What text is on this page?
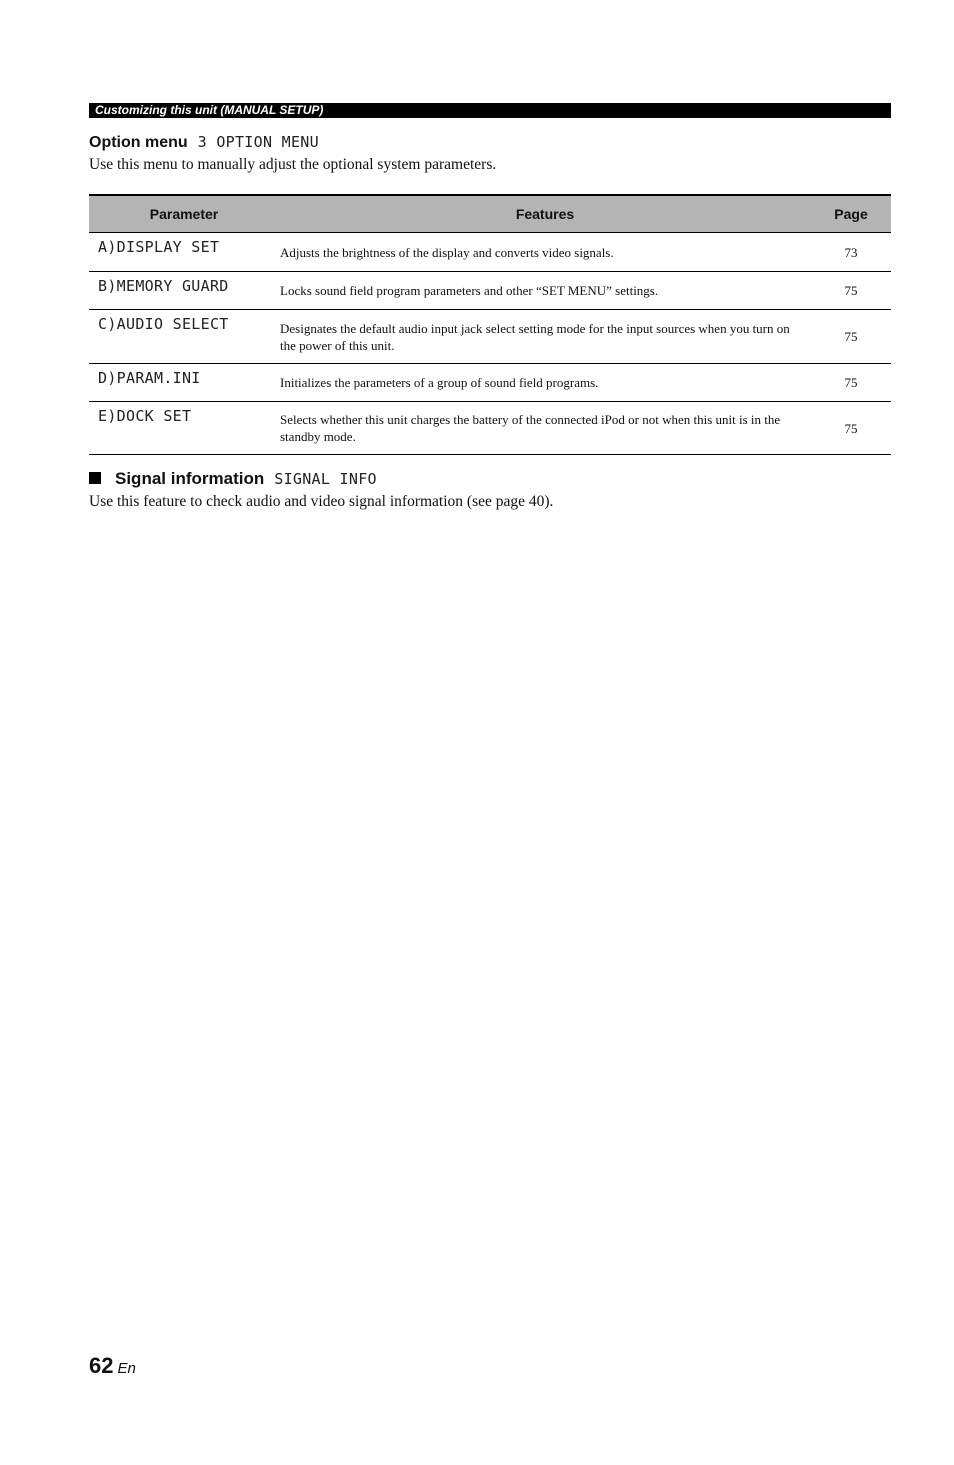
Customizing this unit (MANUAL SETUP)
Option menu 3 OPTION MENU
Use this menu to manually adjust the optional system parameters.
Parameter	Features	Page
A)DISPLAY SET	Adjusts the brightness of the display and converts video signals.	73
B)MEMORY GUARD	Locks sound field program parameters and other “SET MENU” settings.	75
C)AUDIO SELECT	Designates the default audio input jack select setting mode for the input sources when you turn on the power of this unit.	75
D)PARAM.INI	Initializes the parameters of a group of sound field programs.	75
E)DOCK SET	Selects whether this unit charges the battery of the connected iPod or not when this unit is in the standby mode.	75
Signal information SIGNAL INFO
Use this feature to check audio and video signal information (see page 40).
62 En
